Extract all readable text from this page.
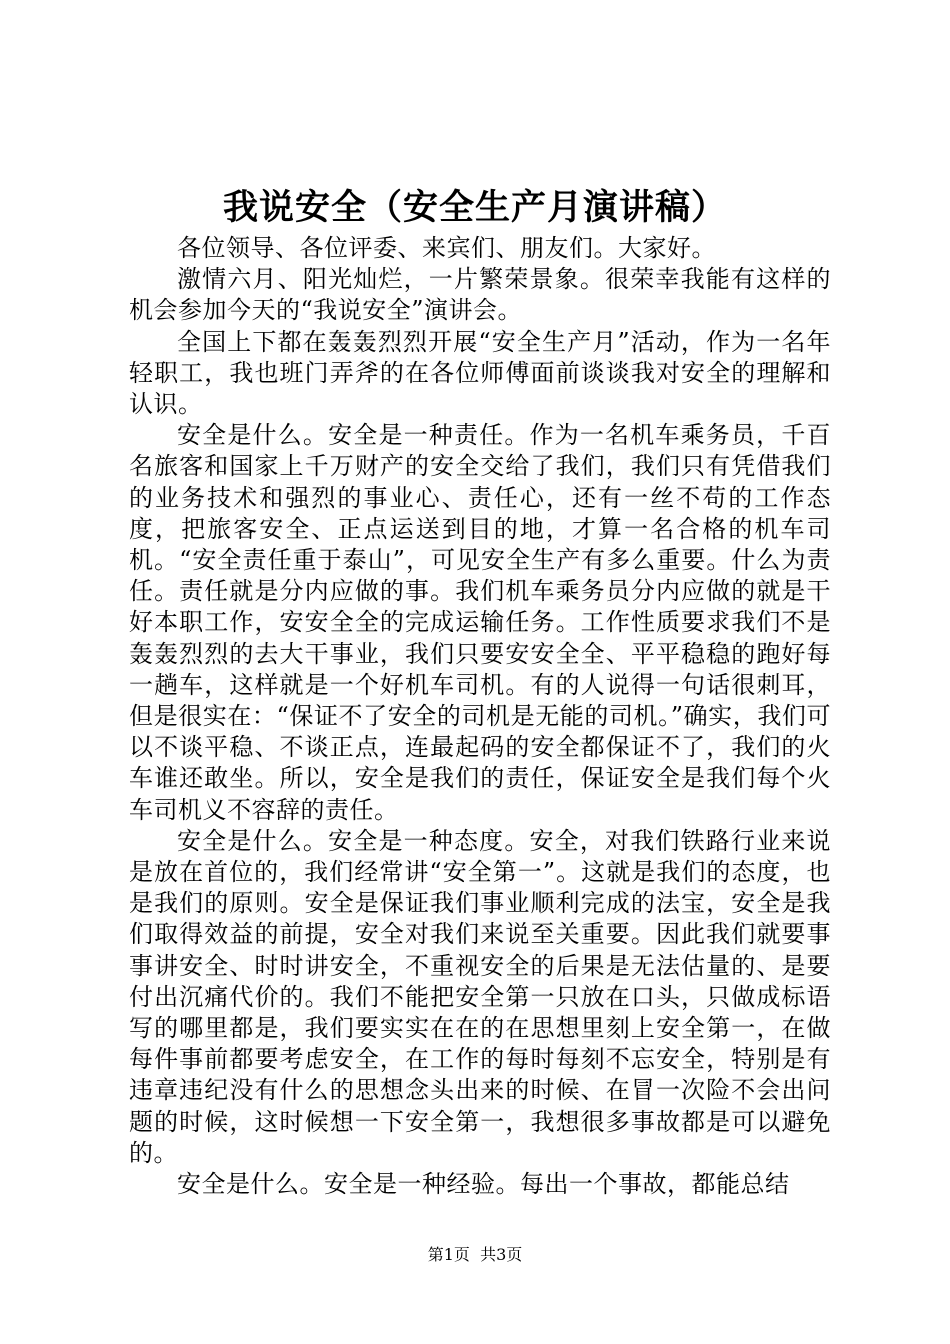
我说安全（安全生产月演讲稿）

各位领导、各位评委、来宾们、朋友们。大家好。

激情六月、阳光灿烂，一片繁荣景象。很荣幸我能有这样的机会参加今天的“我说安全”演讲会。

全国上下都在轰轰烈烈开展“安全生产月”活动，作为一名年轻职工，我也班门弄斧的在各位师傅面前谈谈我对安全的理解和认识。

安全是什么。安全是一种责任。作为一名机车乘务员，千百名旅客和国家上千万财产的安全交给了我们，我们只有凭借我们的业务技术和强烈的事业心、责任心，还有一丝不苟的工作态度，把旅客安全、正点运送到目的地，才算一名合格的机车司机。“安全责任重于泰山”，可见安全生产有多么重要。什么为责任。责任就是分内应做的事。我们机车乘务员分内应做的就是干好本职工作，安安全全的完成运输任务。工作性质要求我们不是轰轰烈烈的去大干事业，我们只要安安全全、平平稳稳的跑好每一趟车，这样就是一个好机车司机。有的人说得一句话很刺耳，但是很实在：“保证不了安全的司机是无能的司机。”确实，我们可以不谈平稳、不谈正点，连最起码的安全都保证不了，我们的火车谁还敢坐。所以，安全是我们的责任，保证安全是我们每个火车司机义不容辞的责任。

安全是什么。安全是一种态度。安全，对我们铁路行业来说是放在首位的，我们经常讲“安全第一”。这就是我们的态度，也是我们的原则。安全是保证我们事业顺利完成的法宝，安全是我们取得效益的前提，安全对我们来说至关重要。因此我们就要事事讲安全、时时讲安全，不重视安全的后果是无法估量的、是要付出沉痛代价的。我们不能把安全第一只放在口头，只做成标语写的哪里都是，我们要实实在在的在思想里刻上安全第一，在做每件事前都要考虑安全，在工作的每时每刻不忘安全，特别是有违章违纪没有什么的思想念头出来的时候、在冒一次险不会出问题的时候，这时候想一下安全第一，我想很多事故都是可以避免的。

安全是什么。安全是一种经验。每出一个事故，都能总结

第1页  共3页
